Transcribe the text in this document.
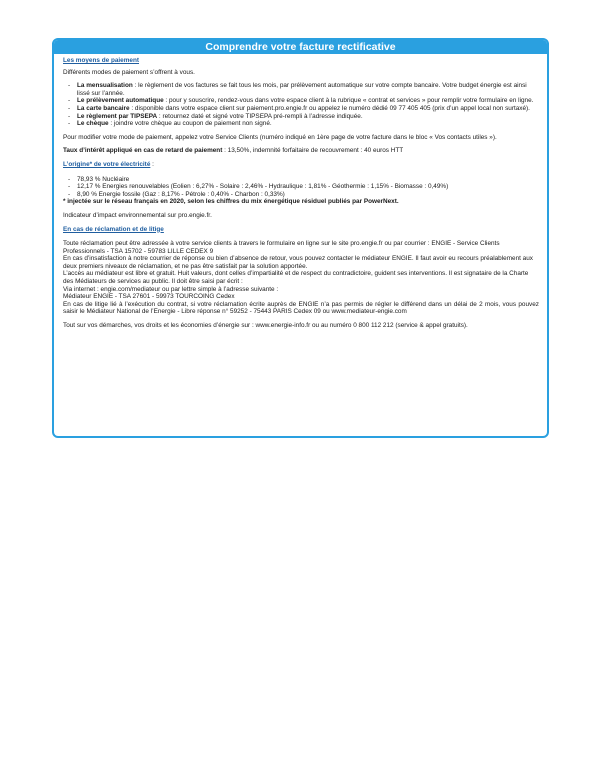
Comprendre votre facture rectificative

Les moyens de paiement

Différents modes de paiement s’offrent à vous.

- La mensualisation : le règlement de vos factures se fait tous les mois, par prélèvement automatique sur votre compte bancaire. Votre budget énergie est ainsi lissé sur l’année.
- Le prélèvement automatique : pour y souscrire, rendez-vous dans votre espace client à la rubrique « contrat et services » pour remplir votre formulaire en ligne.
- La carte bancaire : disponible dans votre espace client sur paiement.pro.engie.fr ou appelez le numéro dédié 09 77 405 405 (prix d’un appel local non surtaxé).
- Le règlement par TIPSEPA : retournez daté et signé votre TIPSEPA pré-rempli à l’adresse indiquée.
- Le chèque : joindre votre chèque au coupon de paiement non signé.

Pour modifier votre mode de paiement, appelez votre Service Clients (numéro indiqué en 1ère page de votre facture dans le bloc « Vos contacts utiles »).

Taux d’intérêt appliqué en cas de retard de paiement : 13,50%, indemnité forfaitaire de recouvrement : 40 euros HTT

L’origine* de votre électricité :

- 78,93 % Nucléaire
- 12,17 % Energies renouvelables (Eolien : 6,27% - Solaire : 2,46% - Hydraulique : 1,81% - Géothermie : 1,15% - Biomasse : 0,49%)
- 8,90 % Energie fossile (Gaz : 8,17% - Pétrole : 0,40% - Charbon : 0,33%)

* injectée sur le réseau français en 2020, selon les chiffres du mix énergétique résiduel publiés par PowerNext.

Indicateur d’impact environnemental sur pro.engie.fr.

En cas de réclamation et de litige

Toute réclamation peut être adressée à votre service clients à travers le formulaire en ligne sur le site pro.engie.fr ou par courrier : ENGIE - Service Clients Professionnels - TSA 15702 - 59783 LILLE CEDEX 9

En cas d’insatisfaction à notre courrier de réponse ou bien d’absence de retour, vous pouvez contacter le médiateur ENGIE. Il faut avoir eu recours préalablement aux deux premiers niveaux de réclamation, et ne pas être satisfait par la solution apportée.

L’accès au médiateur est libre et gratuit. Huit valeurs, dont celles d’impartialité et de respect du contradictoire, guident ses interventions. Il est signataire de la Charte des Médiateurs de services au public. Il doit être saisi par écrit :

Via internet : engie.com/mediateur ou par lettre simple à l’adresse suivante :

Médiateur ENGIE - TSA 27601 - 59973 TOURCOING Cedex

En cas de litige lié à l’exécution du contrat, si votre réclamation écrite auprès de ENGIE n’a pas permis de régler le différend dans un délai de 2 mois, vous pouvez saisir le Médiateur National de l’Energie - Libre réponse n° 59252 - 75443 PARIS Cedex 09 ou www.mediateur-engie.com

Tout sur vos démarches, vos droits et les économies d’énergie sur : www.energie-info.fr ou au numéro 0 800 112 212 (service & appel gratuits).
